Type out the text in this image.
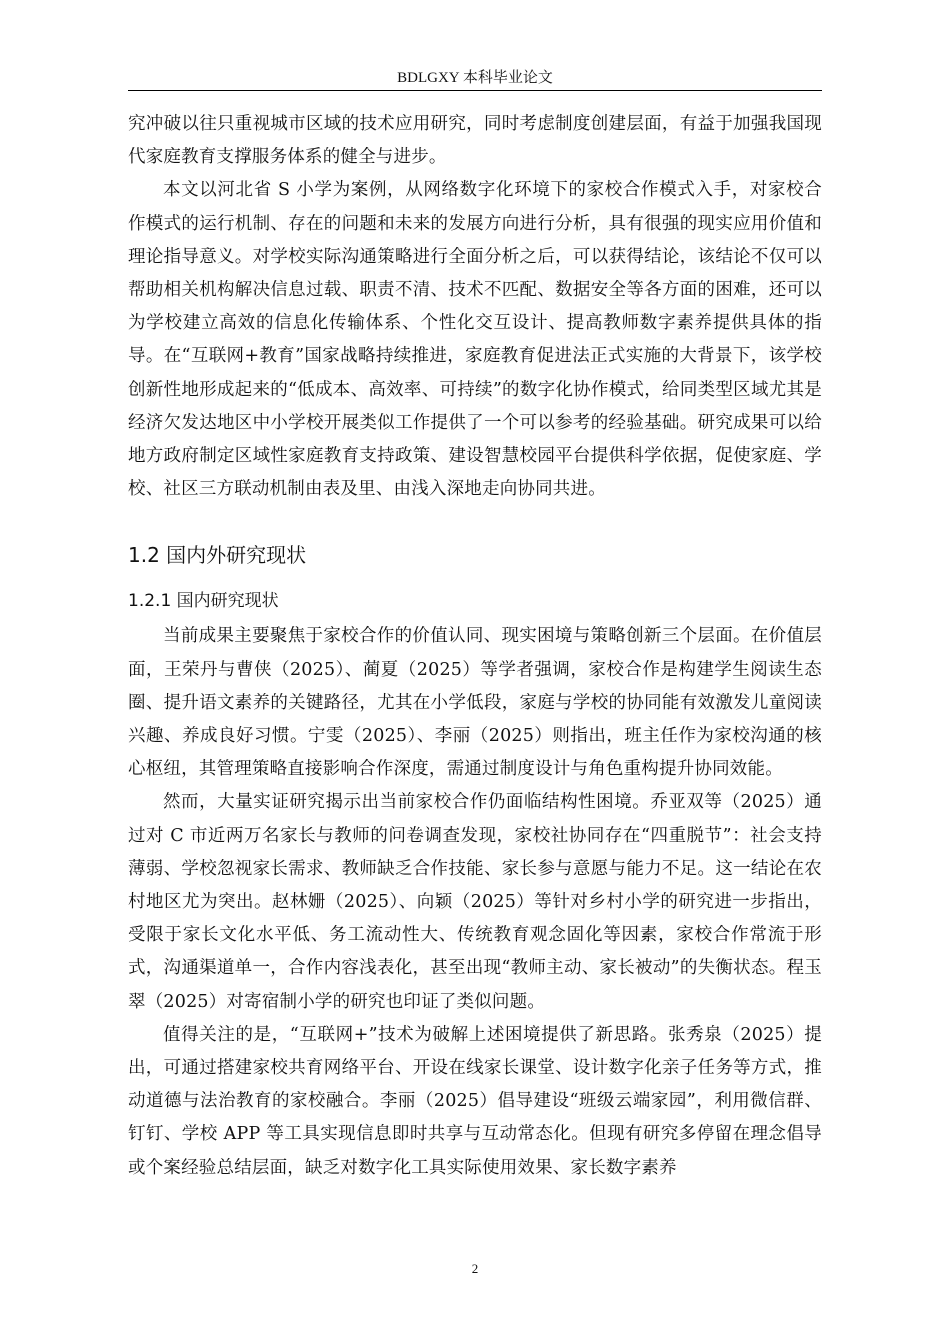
BDLGXY 本科毕业论文

究冲破以往只重视城市区域的技术应用研究，同时考虑制度创建层面，有益于加强我国现代家庭教育支撑服务体系的健全与进步。

本文以河北省 S 小学为案例，从网络数字化环境下的家校合作模式入手，对家校合作模式的运行机制、存在的问题和未来的发展方向进行分析，具有很强的现实应用价值和理论指导意义。对学校实际沟通策略进行全面分析之后，可以获得结论，该结论不仅可以帮助相关机构解决信息过载、职责不清、技术不匹配、数据安全等各方面的困难，还可以为学校建立高效的信息化传输体系、个性化交互设计、提高教师数字素养提供具体的指导。在“互联网+教育”国家战略持续推进，家庭教育促进法正式实施的大背景下，该学校创新性地形成起来的“低成本、高效率、可持续”的数字化协作模式，给同类型区域尤其是经济欠发达地区中小学校开展类似工作提供了一个可以参考的经验基础。研究成果可以给地方政府制定区域性家庭教育支持政策、建设智慧校园平台提供科学依据，促使家庭、学校、社区三方联动机制由表及里、由浅入深地走向协同共进。

1.2 国内外研究现状
1.2.1 国内研究现状

当前成果主要聚焦于家校合作的价值认同、现实困境与策略创新三个层面。在价值层面，王荣丹与曹侠（2025）、蔺夏（2025）等学者强调，家校合作是构建学生阅读生态圈、提升语文素养的关键路径，尤其在小学低段，家庭与学校的协同能有效激发儿童阅读兴趣、养成良好习惯。宁雯（2025）、李丽（2025）则指出，班主任作为家校沟通的核心枢纽，其管理策略直接影响合作深度，需通过制度设计与角色重构提升协同效能。

然而，大量实证研究揭示出当前家校合作仍面临结构性困境。乔亚双等（2025）通过对 C 市近两万名家长与教师的问卷调查发现，家校社协同存在“四重脱节”：社会支持薄弱、学校忽视家长需求、教师缺乏合作技能、家长参与意愿与能力不足。这一结论在农村地区尤为突出。赵林姗（2025）、向颖（2025）等针对乡村小学的研究进一步指出，受限于家长文化水平低、务工流动性大、传统教育观念固化等因素，家校合作常流于形式，沟通渠道单一，合作内容浅表化，甚至出现“教师主动、家长被动”的失衡状态。程玉翠（2025）对寄宿制小学的研究也印证了类似问题。

值得关注的是，“互联网+”技术为破解上述困境提供了新思路。张秀泉（2025）提出，可通过搭建家校共育网络平台、开设在线家长课堂、设计数字化亲子任务等方式，推动道德与法治教育的家校融合。李丽（2025）倡导建设“班级云端家园”，利用微信群、钉钉、学校 APP 等工具实现信息即时共享与互动常态化。但现有研究多停留在理念倡导或个案经验总结层面，缺乏对数字化工具实际使用效果、家长数字素养

2
